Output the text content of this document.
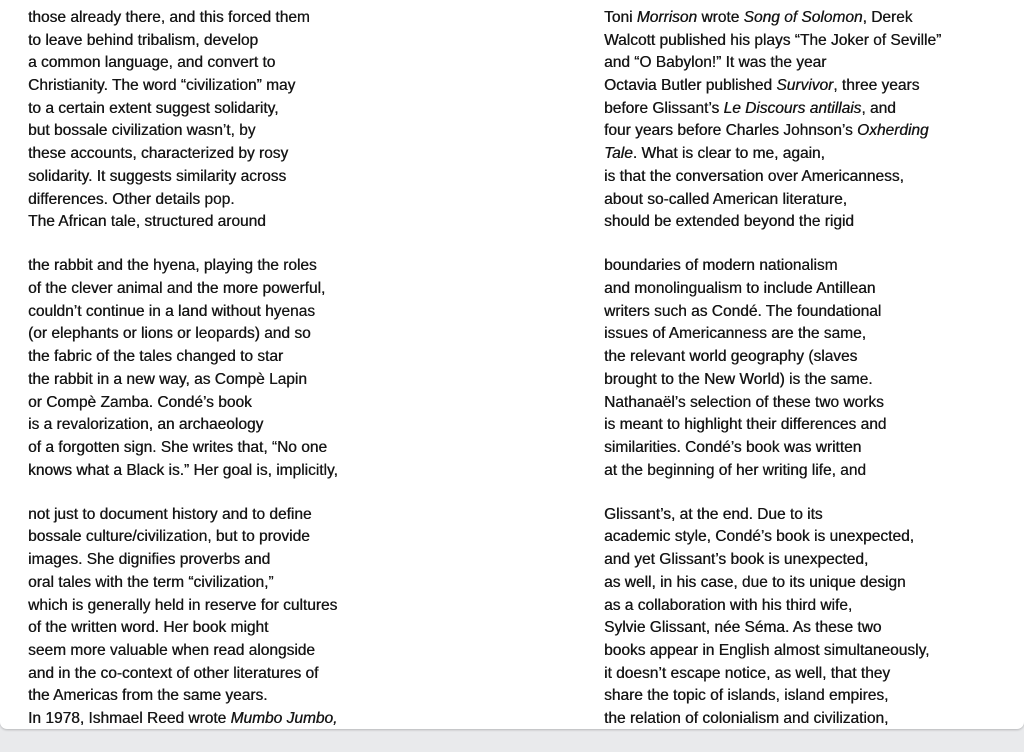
those already there, and this forced them
to leave behind tribalism, develop
a common language, and convert to
Christianity. The word “civilization” may
to a certain extent suggest solidarity,
but bossale civilization wasn’t, by
these accounts, characterized by rosy
solidarity. It suggests similarity across
differences. Other details pop.
The African tale, structured around
the rabbit and the hyena, playing the roles
of the clever animal and the more powerful,
couldn’t continue in a land without hyenas
(or elephants or lions or leopards) and so
the fabric of the tales changed to star
the rabbit in a new way, as Compè Lapin
or Compè Zamba. Condé’s book
is a revalorization, an archaeology
of a forgotten sign. She writes that, “No one
knows what a Black is.” Her goal is, implicitly,
not just to document history and to define
bossale culture/civilization, but to provide
images. She dignifies proverbs and
oral tales with the term “civilization,”
which is generally held in reserve for cultures
of the written word. Her book might
seem more valuable when read alongside
and in the co-context of other literatures of
the Americas from the same years.
In 1978, Ishmael Reed wrote Mumbo Jumbo,
Toni Morrison wrote Song of Solomon, Derek
Walcott published his plays “The Joker of Seville”
and “O Babylon!” It was the year
Octavia Butler published Survivor, three years
before Glissant’s Le Discours antillais, and
four years before Charles Johnson’s Oxherding
Tale. What is clear to me, again,
is that the conversation over Americanness,
about so-called American literature,
should be extended beyond the rigid
boundaries of modern nationalism
and monolingualism to include Antillean
writers such as Condé. The foundational
issues of Americanness are the same,
the relevant world geography (slaves
brought to the New World) is the same.
Nathanaël’s selection of these two works
is meant to highlight their differences and
similarities. Condé’s book was written
at the beginning of her writing life, and
Glissant’s, at the end. Due to its
academic style, Condé’s book is unexpected,
and yet Glissant’s book is unexpected,
as well, in his case, due to its unique design
as a collaboration with his third wife,
Sylvie Glissant, née Séma. As these two
books appear in English almost simultaneously,
it doesn’t escape notice, as well, that they
share the topic of islands, island empires,
the relation of colonialism and civilization,
